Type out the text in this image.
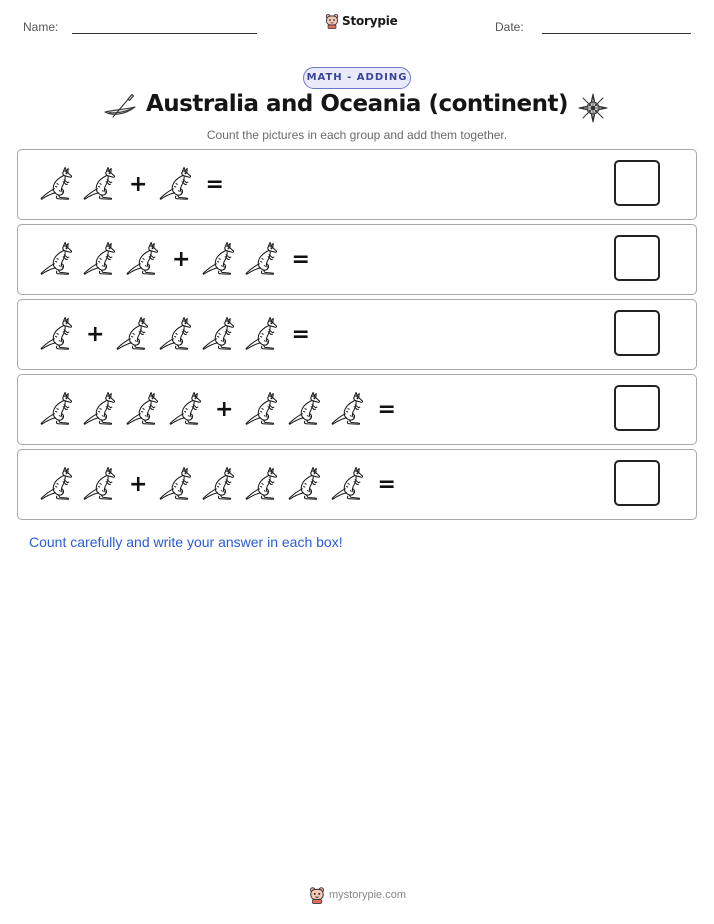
Name:	Storypie	Date:
MATH - ADDING
Australia and Oceania (continent)
Count the pictures in each group and add them together.
+	=
+	=
+	=
+	=
+	=
Count carefully and write your answer in each box!
mystorypie.com
